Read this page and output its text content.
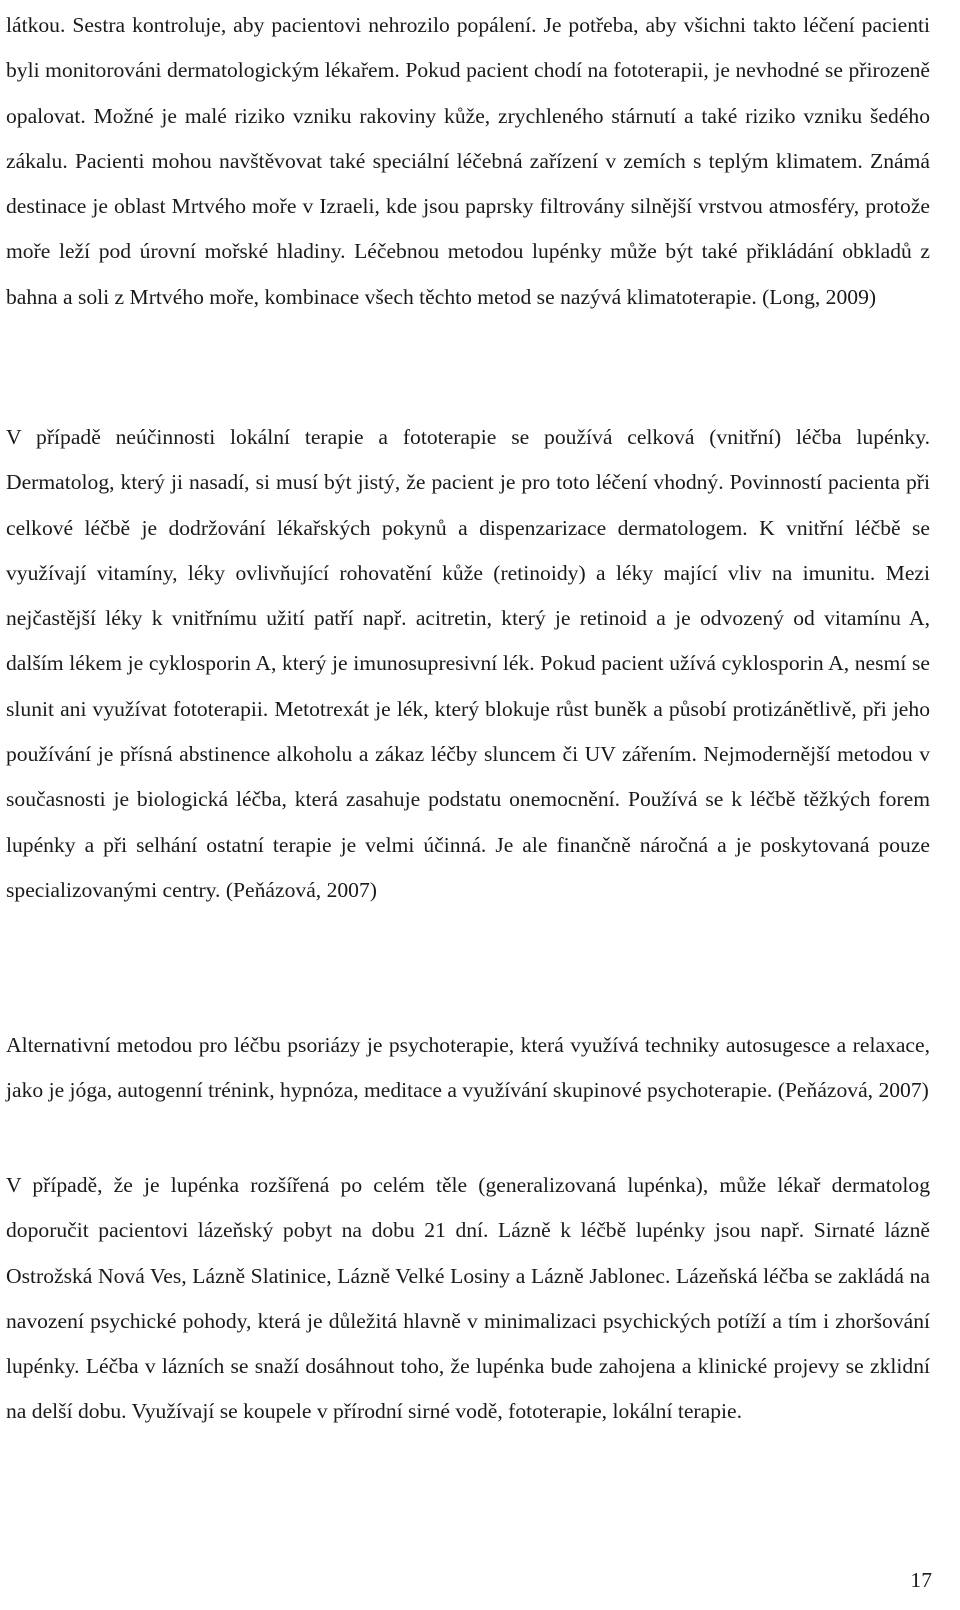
látkou. Sestra kontroluje, aby pacientovi nehrozilo popálení. Je potřeba, aby všichni takto léčení pacienti byli monitorováni dermatologickým lékařem. Pokud pacient chodí na fototerapii, je nevhodné se přirozeně opalovat. Možné je malé riziko vzniku rakoviny kůže, zrychleného stárnutí a také riziko vzniku šedého zákalu. Pacienti mohou navštěvovat také speciální léčebná zařízení v zemích s teplým klimatem. Známá destinace je oblast Mrtvého moře v Izraeli, kde jsou paprsky filtrovány silnější vrstvou atmosféry, protože moře leží pod úrovní mořské hladiny. Léčebnou metodou lupénky může být také přikládání obkladů z bahna a soli z Mrtvého moře, kombinace všech těchto metod se nazývá klimatoterapie. (Long, 2009)

V případě neúčinnosti lokální terapie a fototerapie se používá celková (vnitřní) léčba lupénky. Dermatolog, který ji nasadí, si musí být jistý, že pacient je pro toto léčení vhodný. Povinností pacienta při celkové léčbě je dodržování lékařských pokynů a dispenzarizace dermatologem. K vnitřní léčbě se využívají vitamíny, léky ovlivňující rohovatění kůže (retinoidy) a léky mající vliv na imunitu. Mezi nejčastější léky k vnitřnímu užití patří např. acitretin, který je retinoid a je odvozený od vitamínu A, dalším lékem je cyklosporin A, který je imunosupresivní lék. Pokud pacient užívá cyklosporin A, nesmí se slunit ani využívat fototerapii. Metotrexát je lék, který blokuje růst buněk a působí protizánětlivě, při jeho používání je přísná abstinence alkoholu a zákaz léčby sluncem či UV zářením. Nejmodernější metodou v současnosti je biologická léčba, která zasahuje podstatu onemocnění. Používá se k léčbě těžkých forem lupénky a při selhání ostatní terapie je velmi účinná. Je ale finančně náročná a je poskytovaná pouze specializovanými centry. (Peňázová, 2007)

Alternativní metodou pro léčbu psoriázy je psychoterapie, která využívá techniky autosugesce a relaxace, jako je jóga, autogenní trénink, hypnóza, meditace a využívání skupinové psychoterapie. (Peňázová, 2007)

V případě, že je lupénka rozšířená po celém těle (generalizovaná lupénka), může lékař dermatolog doporučit pacientovi lázeňský pobyt na dobu 21 dní. Lázně k léčbě lupénky jsou např. Sirnaté lázně Ostrožská Nová Ves, Lázně Slatinice, Lázně Velké Losiny a Lázně Jablonec. Lázeňská léčba se zakládá na navození psychické pohody, která je důležitá hlavně v minimalizaci psychických potíží a tím i zhoršování lupénky. Léčba v lázních se snaží dosáhnout toho, že lupénka bude zahojena a klinické projevy se zklidní na delší dobu. Využívají se koupele v přírodní sirné vodě, fototerapie, lokální terapie.

17
